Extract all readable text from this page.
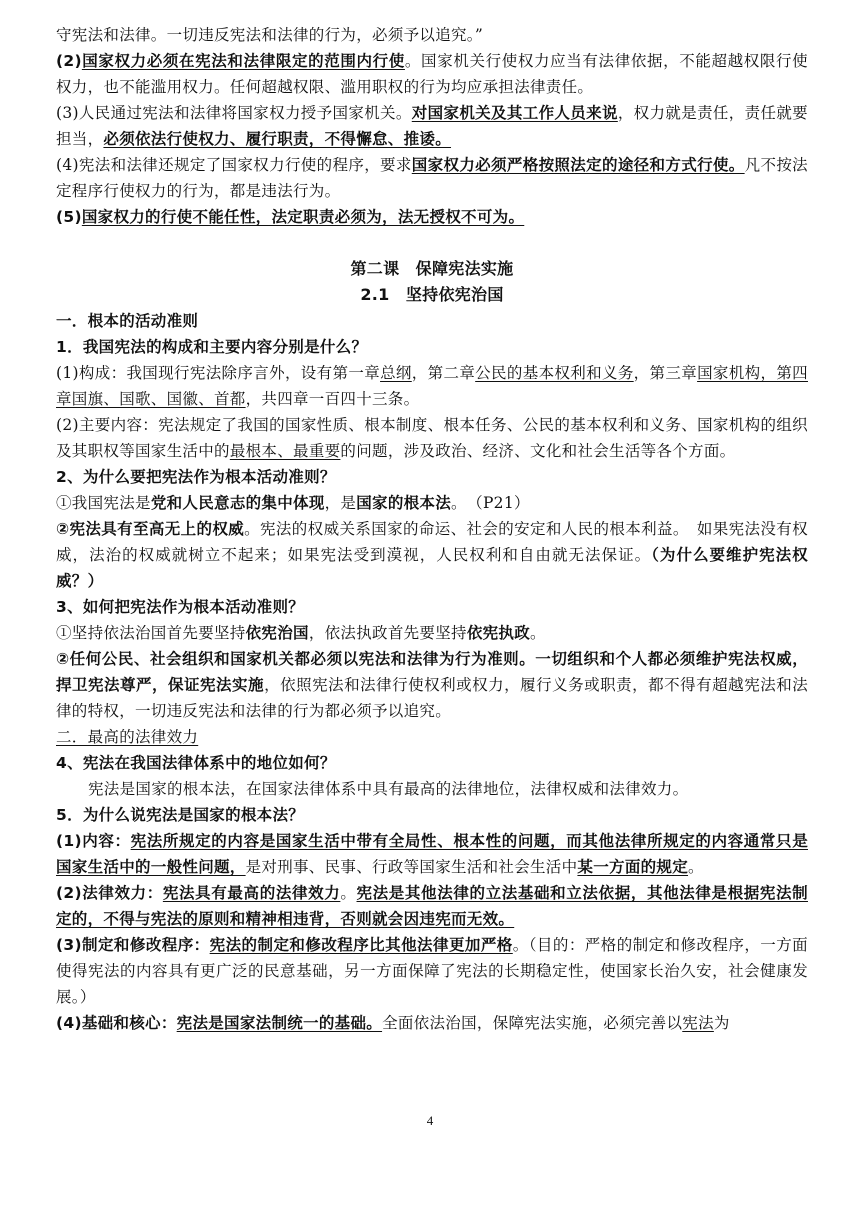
守宪法和法律。一切违反宪法和法律的行为，必须予以追究。”

(2)国家权力必须在宪法和法律限定的范围内行使。国家机关行使权力应当有法律依据，不能超越权限行使权力，也不能滥用权力。任何超越权限、滥用职权的行为均应承担法律责任。

(3)人民通过宪法和法律将国家权力授予国家机关。对国家机关及其工作人员来说，权力就是责任，责任就要担当，必须依法行使权力、履行职责，不得懈怠、推诿。

(4)宪法和法律还规定了国家权力行使的程序，要求国家权力必须严格按照法定的途径和方式行使。凡不按法定程序行使权力的行为，都是违法行为。

(5)国家权力的行使不能任性，法定职责必须为，法无授权不可为。

第二课　保障宪法实施

2.1　坚持依宪治国

一．根本的活动准则

1．我国宪法的构成和主要内容分别是什么？

(1)构成：我国现行宪法除序言外，设有第一章总纲，第二章公民的基本权利和义务，第三章国家机构，第四章国旗、国歌、国徽、首都，共四章一百四十三条。

(2)主要内容：宪法规定了我国的国家性质、根本制度、根本任务、公民的基本权利和义务、国家机构的组织及其职权等国家生活中的最根本、最重要的问题，涉及政治、经济、文化和社会生活等各个方面。

2、为什么要把宪法作为根本活动准则？

①我国宪法是党和人民意志的集中体现，是国家的根本法。　（P21）

②宪法具有至高无上的权威。宪法的权威关系国家的命运、社会的安定和人民的根本利益。　如果宪法没有权威，法治的权威就树立不起来；如果宪法受到漠视，人民权利和自由就无法保证。（为什么要维护宪法权威？）

3、如何把宪法作为根本活动准则？

①坚持依法治国首先要坚持依宪治国，依法执政首先要坚持依宪执政。

②任何公民、社会组织和国家机关都必须以宪法和法律为行为准则。一切组织和个人都必须维护宪法权威，捍卫宪法尊严，保证宪法实施，依照宪法和法律行使权利或权力，履行义务或职责，都不得有超越宪法和法律的特权，一切违反宪法和法律的行为都必须予以追究。

二．最高的法律效力

4、宪法在我国法律体系中的地位如何？

宪法是国家的根本法，在国家法律体系中具有最高的法律地位，法律权威和法律效力。

5．为什么说宪法是国家的根本法？

(1)内容：宪法所规定的内容是国家生活中带有全局性、根本性的问题，而其他法律所规定的内容通常只是国家生活中的一般性问题，是对刑事、民事、行政等国家生活和社会生活中某一方面的规定。

(2)法律效力：宪法具有最高的法律效力。宪法是其他法律的立法基础和立法依据，其他法律是根据宪法制定的，不得与宪法的原则和精神相违背，否则就会因违宪而无效。

(3)制定和修改程序：宪法的制定和修改程序比其他法律更加严格。（目的：严格的制定和修改程序，一方面使得宪法的内容具有更广泛的民意基础，另一方面保障了宪法的长期稳定性，使国家长治久安，社会健康发展。）

(4)基础和核心：宪法是国家法制统一的基础。全面依法治国，保障宪法实施，必须完善以宪法为

4
